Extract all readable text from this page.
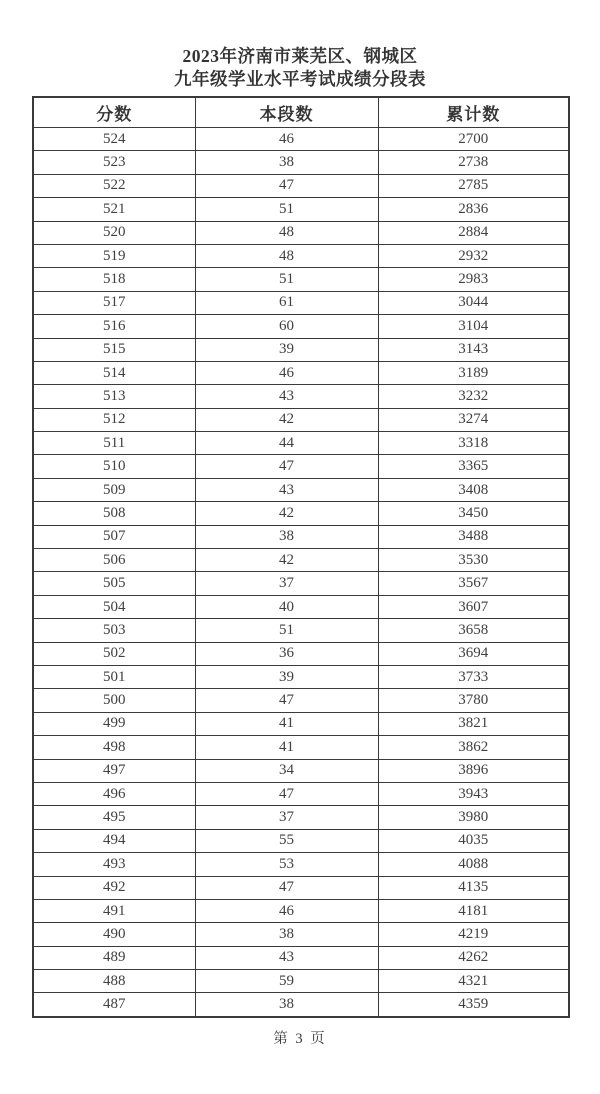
2023年济南市莱芜区、钢城区
九年级学业水平考试成绩分段表
分数	本段数	累计数
524	46	2700
523	38	2738
522	47	2785
521	51	2836
520	48	2884
519	48	2932
518	51	2983
517	61	3044
516	60	3104
515	39	3143
514	46	3189
513	43	3232
512	42	3274
511	44	3318
510	47	3365
509	43	3408
508	42	3450
507	38	3488
506	42	3530
505	37	3567
504	40	3607
503	51	3658
502	36	3694
501	39	3733
500	47	3780
499	41	3821
498	41	3862
497	34	3896
496	47	3943
495	37	3980
494	55	4035
493	53	4088
492	47	4135
491	46	4181
490	38	4219
489	43	4262
488	59	4321
487	38	4359
第 3 页
